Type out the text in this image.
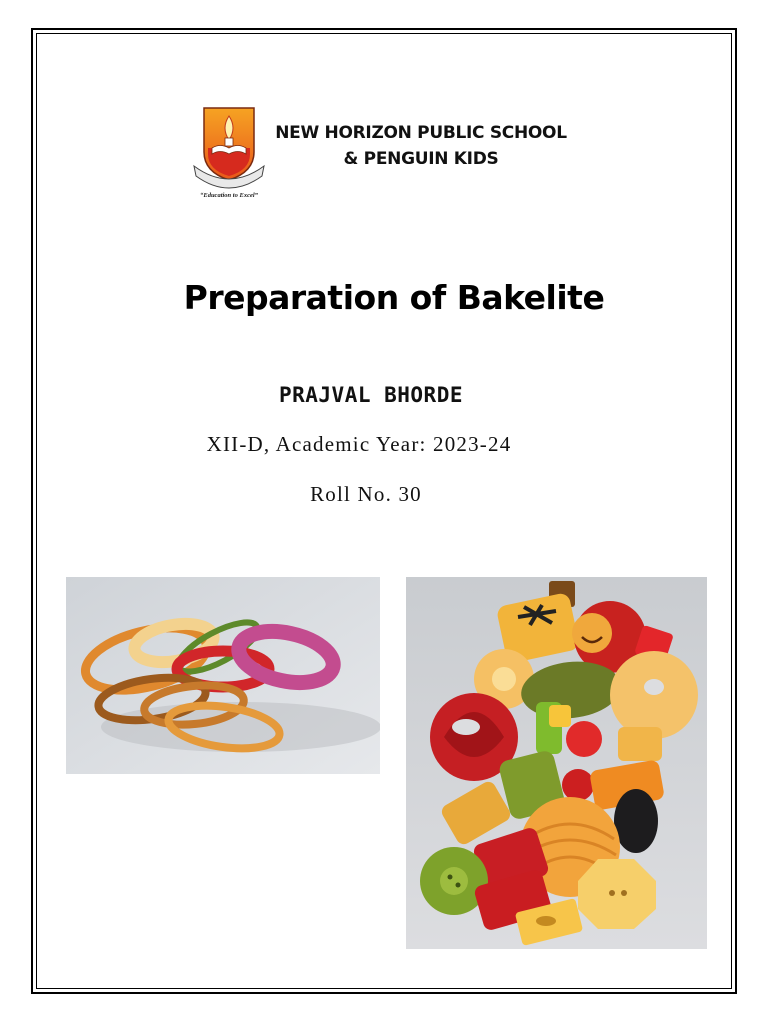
“Education to Excel”
NEW HORIZON PUBLIC SCHOOL
& PENGUIN KIDS
Preparation of Bakelite
PRAJVAL BHORDE
XII-D, Academic Year: 2023-24
Roll No. 30
